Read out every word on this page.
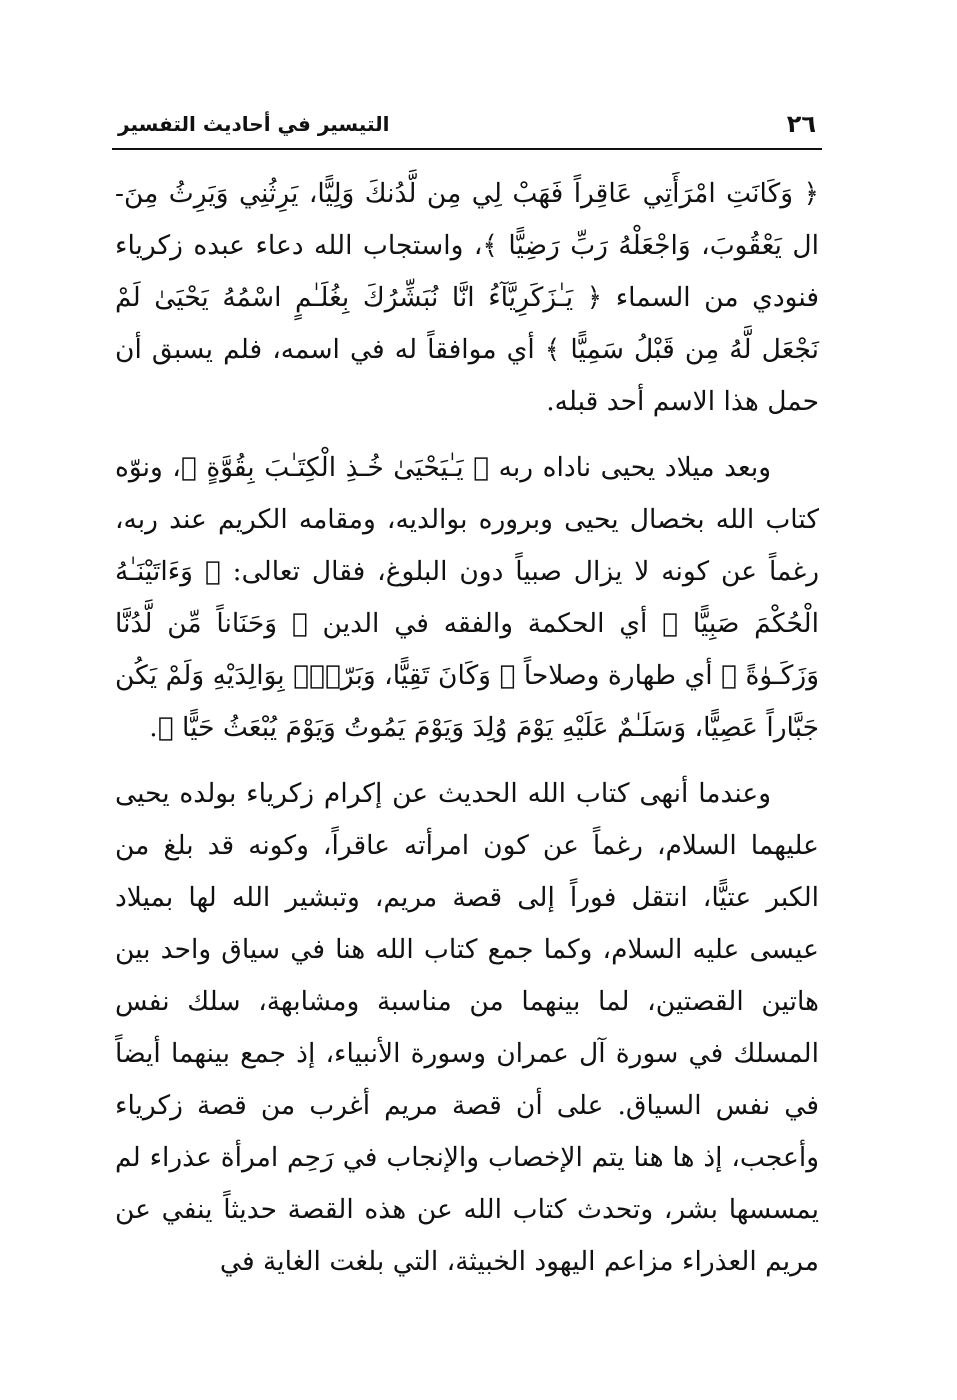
٢٦
التيسير في أحاديث التفسير

﴿ وَكَانَتِ امْرَأَتِي عَاقِراً فَهَبْ لِي مِن لَّدُنكَ وَلِيًّا، يَرِثُنِي وَيَرِثُ مِنَ-ال يَعْقُوبَ، وَاجْعَلْهُ رَبِّ رَضِيًّا ﴾، واستجاب الله دعاء عبده زكرياء فنودي من السماء ﴿ يَـٰزَكَرِيَّآءُ انَّا نُبَشِّرُكَ بِغُلَـٰمٍ اسْمُهُ يَحْيَىٰ لَمْ نَجْعَل لَّهُ مِن قَبْلُ سَمِيًّا ﴾ أي موافقاً له في اسمه، فلم يسبق أن حمل هذا الاسم أحد قبله.

وبعد ميلاد يحيى ناداه ربه ﴿ يَـٰيَحْيَىٰ خُـذِ الْكِتَـٰبَ بِقُوَّةٍ ﴾، ونوّه كتاب الله بخصال يحيى وبروره بوالديه، ومقامه الكريم عند ربه، رغماً عن كونه لا يزال صبياً دون البلوغ، فقال تعالى: ﴿ وَءَاتَيْنَـٰهُ الْحُكْمَ صَبِيًّا ﴾ أي الحكمة والفقه في الدين ﴿ وَحَنَاناً مِّن لَّدُنَّا وَزَكَـوٰةً ﴾ أي طهارة وصلاحاً ﴿ وَكَانَ تَقِيًّا، وَبَرّاًۢ بِوَالِدَيْهِ وَلَمْ يَكُن جَبَّاراً عَصِيًّا، وَسَلَـٰمٌ عَلَيْهِ يَوْمَ وُلِدَ وَيَوْمَ يَمُوتُ وَيَوْمَ يُبْعَثُ حَيًّا ﴾.

وعندما أنهى كتاب الله الحديث عن إكرام زكرياء بولده يحيى عليهما السلام، رغماً عن كون امرأته عاقراً، وكونه قد بلغ من الكبر عتيًّا، انتقل فوراً إلى قصة مريم، وتبشير الله لها بميلاد عيسى عليه السلام، وكما جمع كتاب الله هنا في سياق واحد بين هاتين القصتين، لما بينهما من مناسبة ومشابهة، سلك نفس المسلك في سورة آل عمران وسورة الأنبياء، إذ جمع بينهما أيضاً في نفس السياق. على أن قصة مريم أغرب من قصة زكرياء وأعجب، إذ ها هنا يتم الإخصاب والإنجاب في رَحِم امرأة عذراء لم يمسسها بشر، وتحدث كتاب الله عن هذه القصة حديثاً ينفي عن مريم العذراء مزاعم اليهود الخبيثة، التي بلغت الغاية في
